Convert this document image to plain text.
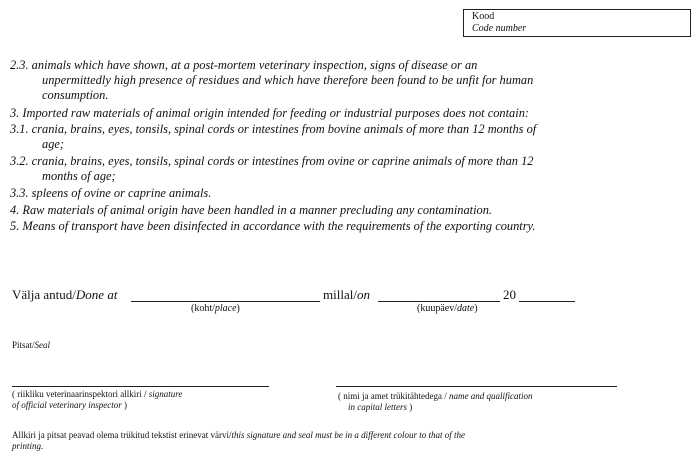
Kood
Code number
2.3. animals which have shown, at a post-mortem veterinary inspection, signs of disease or an
unpermittedly high presence of residues and which have therefore been found to be unfit for human
consumption.
3. Imported raw materials of animal origin intended for feeding or industrial purposes does not contain:
3.1. crania, brains, eyes, tonsils, spinal cords or intestines from bovine animals of more than 12 months of
age;
3.2. crania, brains, eyes, tonsils, spinal cords or intestines from ovine or caprine animals of more than 12
months of age;
3.3. spleens of ovine or caprine animals.
4. Raw materials of animal origin have been handled in a manner precluding any contamination.
5. Means of transport have been disinfected in accordance with the requirements of the exporting country.
Välja antud/Done at
(koht/place)
millal/on	20
(kuupäev/date)
Pitsat/Seal
( riikliku veterinaarinspektori allkiri / signature
of official veterinary inspector )
( nimi ja amet trükitähtedega / name and qualification
in capital letters )
Allkiri ja pitsat peavad olema trükitud tekstist erinevat värvi/this signature and seal must be in a different colour to that of the
printing.
